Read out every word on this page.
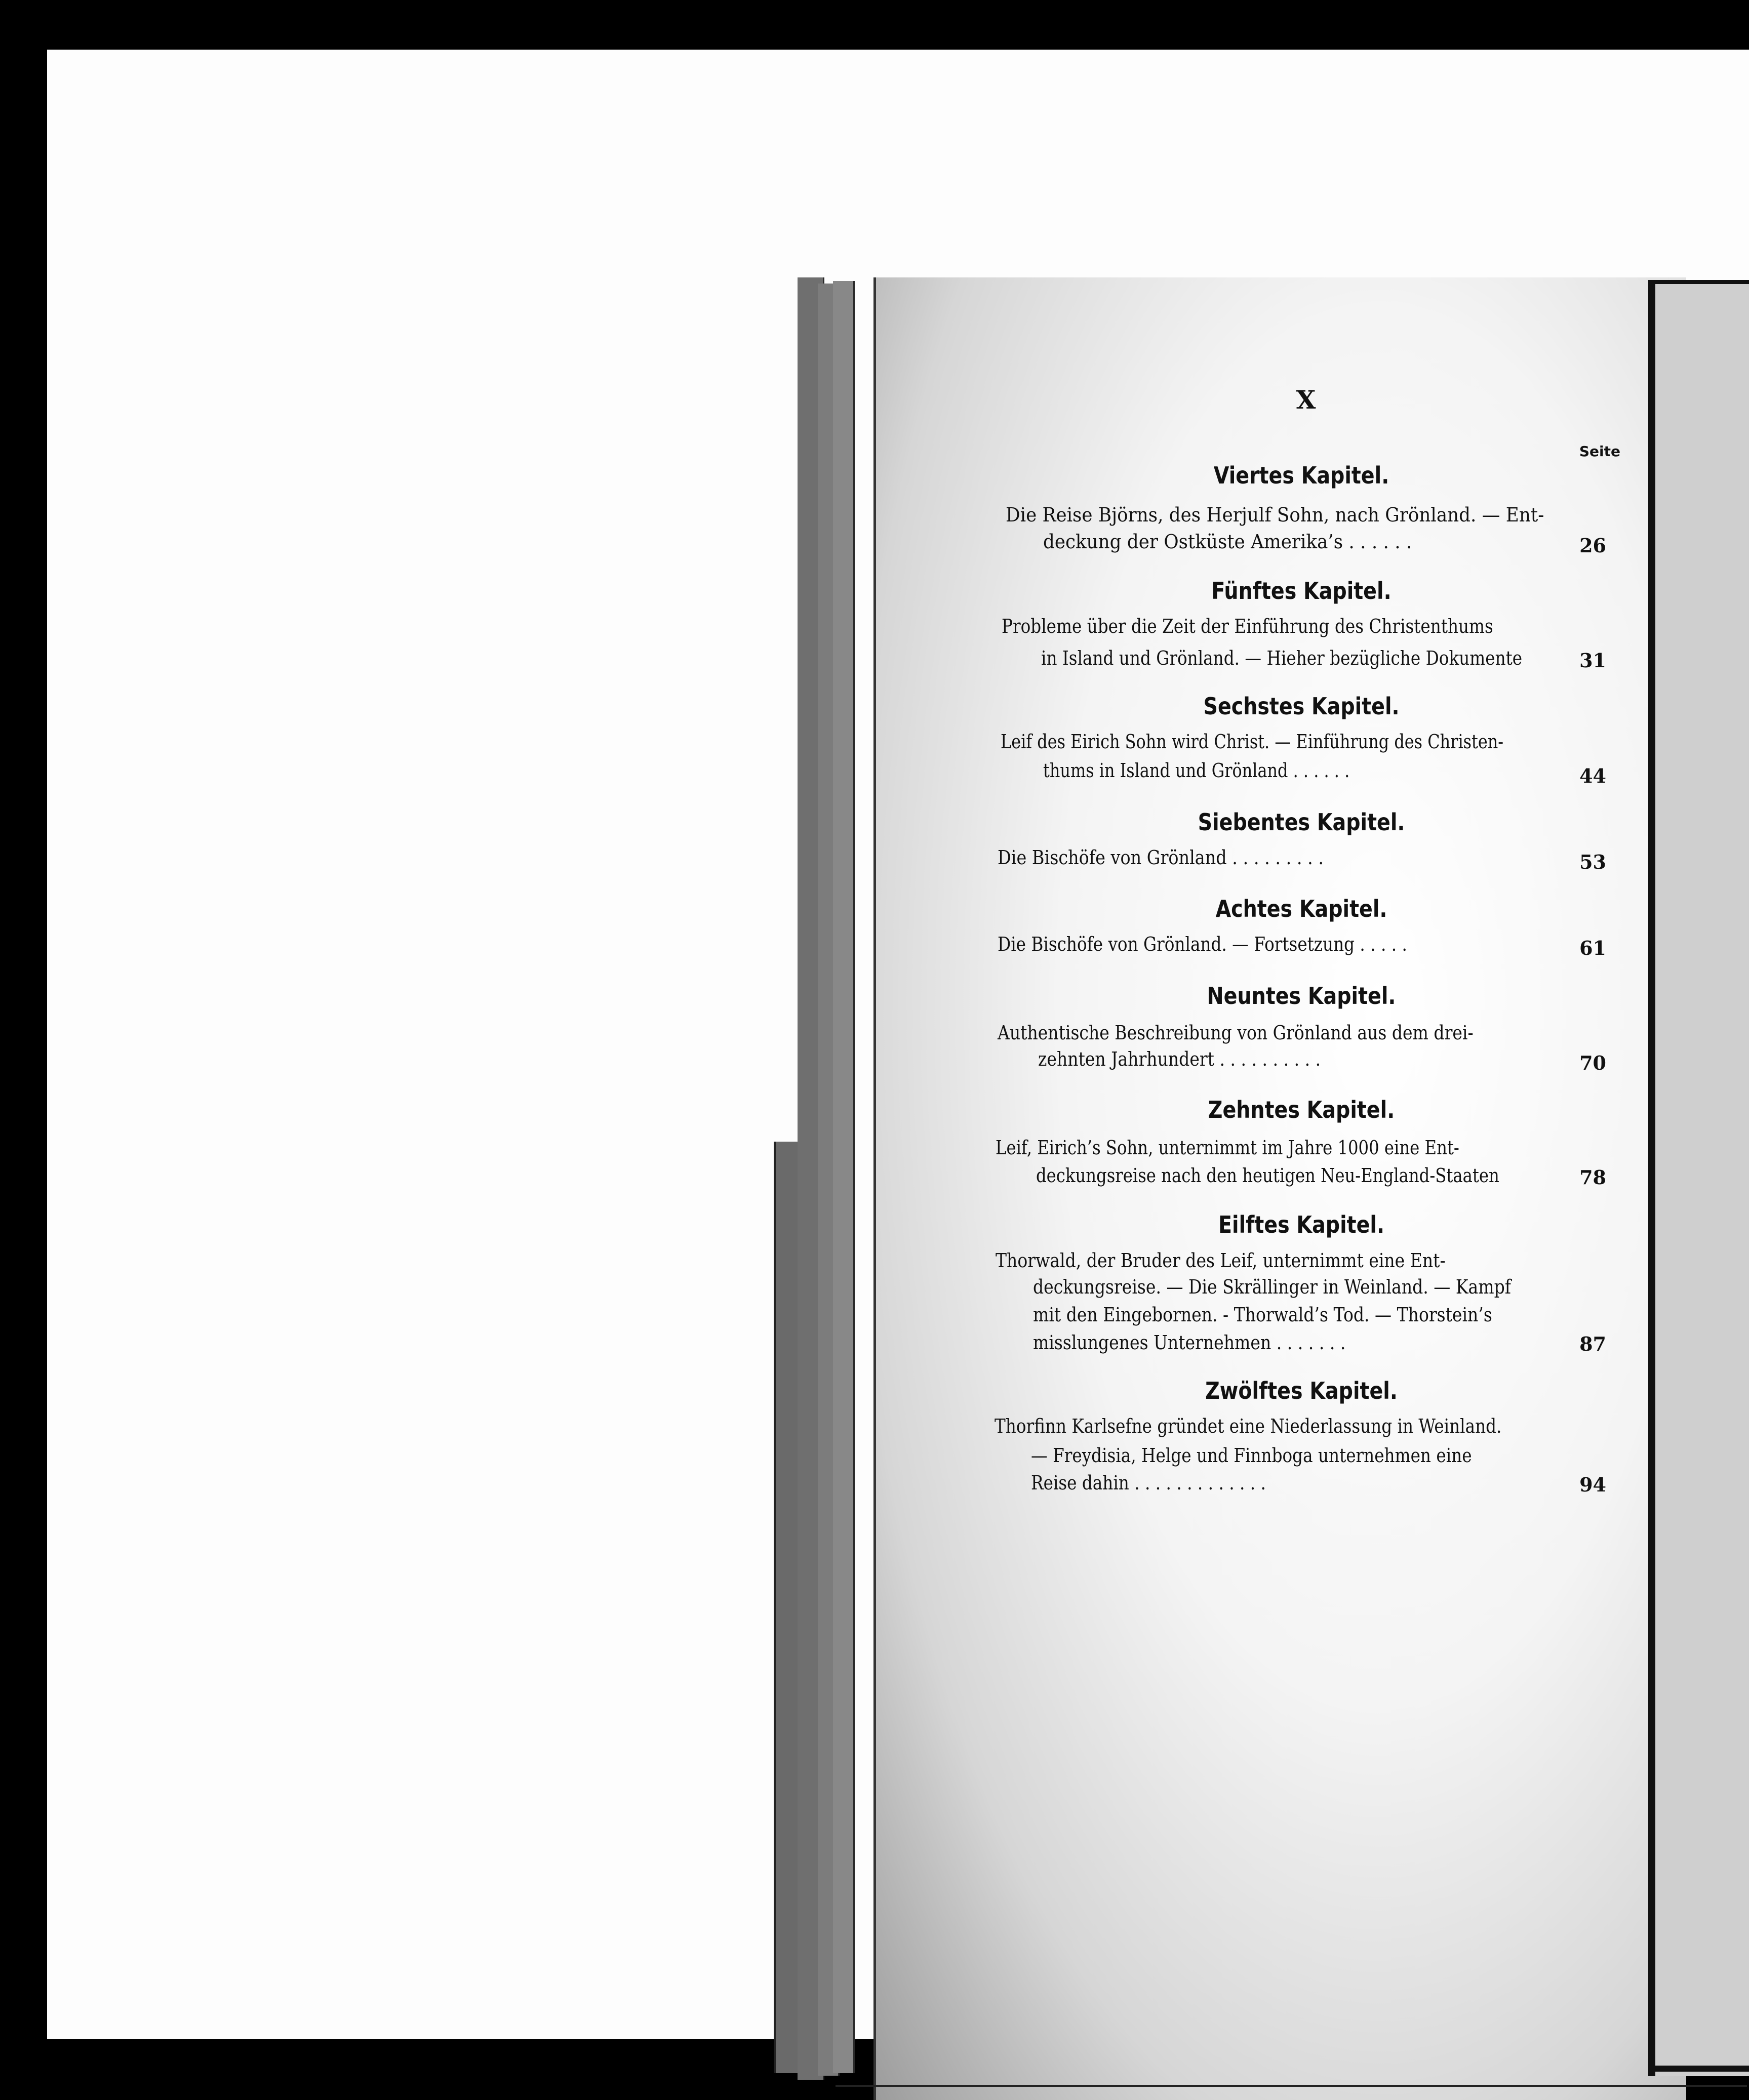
X
Seite
Viertes Kapitel.
Die Reise Björns, des Herjulf Sohn, nach Grönland. — Ent-
deckung der Ostküste Amerika’s . . . . . .	26
Fünftes Kapitel.
Probleme über die Zeit der Einführung des Christenthums
in Island und Grönland. — Hieher bezügliche Dokumente	31
Sechstes Kapitel.
Leif des Eirich Sohn wird Christ. — Einführung des Christen-
thums in Island und Grönland . . . . . .	44
Siebentes Kapitel.
Die Bischöfe von Grönland . . . . . . . . .	53
Achtes Kapitel.
Die Bischöfe von Grönland. — Fortsetzung . . . . .	61
Neuntes Kapitel.
Authentische Beschreibung von Grönland aus dem drei-
zehnten Jahrhundert . . . . . . . . . .	70
Zehntes Kapitel.
Leif, Eirich’s Sohn, unternimmt im Jahre 1000 eine Ent-
deckungsreise nach den heutigen Neu-England-Staaten	78
Eilftes Kapitel.
Thorwald, der Bruder des Leif, unternimmt eine Ent-
deckungsreise. — Die Skrällinger in Weinland. — Kampf
mit den Eingebornen. - Thorwald’s Tod. — Thorstein’s
misslungenes Unternehmen . . . . . . .	87
Zwölftes Kapitel.
Thorfinn Karlsefne gründet eine Niederlassung in Weinland.
— Freydisia, Helge und Finnboga unternehmen eine
Reise dahin . . . . . . . . . . . . .	94
